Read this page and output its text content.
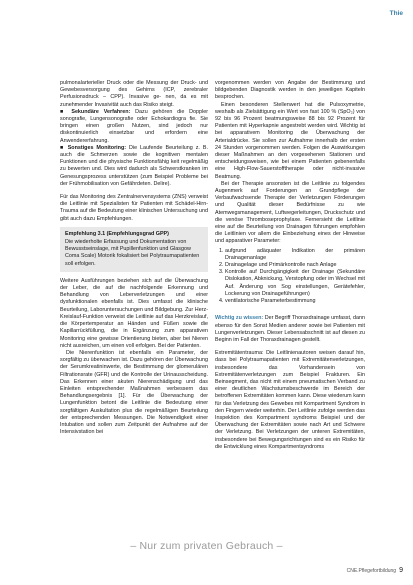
Thie

pulmonalarterieller Druck oder die Messung der Druck- und Gewebesversorgung des Gehirns (ICP, zerebraler Perfusionsdruck – CPP). Invasive ge- nen, da es mit zunehmender Invasivität auch das Risiko steigt.

■ Sekundäre Verfahren: Dazu gehören die Doppler sonografie, Lungensonografie oder Echokardiogra fie. Sie bringen einen großen Nutzen, sind jedoch nur diskontinuierlich einsetzbar und erfordern eine Anwendererfahrung.

■ Sonstiges Monitoring: Die Laufende Beurteilung z. B. auch die Schmerzen sowie die kognitiven mentalen Funktionen und die physische Funktionsfähig keit regelmäßig zu bewerten und. Dies wird dadurch als Schwerstkranken im Genesungsprozess unterstützen (zum Beispiel Probleme bei der Frühmobilisation von Gefährdeten. Delire).

Für das Monitoring des Zentralnervensystems (ZNS) verweist die Leitlinie mit Spezialisten für Patienten mit Schädel-Hirn-Trauma auf die Bedeutung einer klinischen Untersuchung und gibt auch dazu Empfehlungen.

Empfehlung 3.1 (Empfehlungsgrad GPP)
Die wiederholte Erfassung und Dokumentation von Bewusstseinslage, mit Pupillenfunktion und Glasgow Coma Scale) Motorik fokalisiert bei Polytraumapatienten soll erfolgen.

Weitere Ausführungen beziehen sich auf die Überwachung der Leber, die auf die nachfolgende Erkennung und Behandlung von Leberverletzungen und einer dysfunktionalen ebenfalls ist. Dies umfasst die klinische Beurteilung, Laboruntersuchungen und Bildgebung. Zur Herz-Kreislauf-Funktion verweist die Leitlinie auf das Herzkreislauf, die Körpertemperatur an Händen und Füßen sowie die Kapillarrückfüllung, die in Ergänzung zum apparativen Monitoring eine gewisse Orientierung bieten, aber bei Nieren nicht ausreichen, um einen voll erfolgen. Bei der Patienten.

Die Nierenfunktion ist ebenfalls ein Parameter, der sorgfältig zu überwachen ist. Dazu gehören der Überwachung der Serumkreatininwerte, die Bestimmung der glomerulären Filtrationsrate (GFR) und die Kontrolle der Urinausscheidung. Das Erkennen einer akuten Nierenschädigung und das Einleiten entsprechender Maßnahmen verbessern das Behandlungsergebnis [1]. Für die Überwachung der Lungenfunktion betont die Leitlinie die Bedeutung einer sorgfältigen Auskultation plus die regelmäßigen Beurteilung der entsprechenden Messungen. Die Notwendigkeit einer Intubation und sollen zum Zeitpunkt der Aufnahme auf der Intensivstation bei

vorgenommen werden von Angabe der Bestimmung und bildgebenden Diagnostik werden in den jeweiligen Kapiteln besprochen.

Einen besonderen Stellenwert hat die Pulsoxymetrie, weshalb als Zielsättigung ein Wert von fast 100 % (SpO₂) von 92 bis 96 Prozent beatmungsweise 88 bis 92 Prozent für Patienten mit Hyperkapnie angestrebt werden wird. Wichtig ist bei apparativem Monitoring die Überwachung der Arterialdrücke. Sie sollen zur Aufnahme innerhalb der ersten 24 Stunden vorgenommen werden. Folgen die Auswirkungen dieser Maßnahmen an den vorgesehenen Stationen und entscheidungsweisen, wie bei einem Patienten gebenenfalls eine High-Flow-Sauerstofftherapie oder nicht-invasive Beatmung.

Bei der Therapie ansonsten ist die Leitlinie zu folgendes Augenmerk auf Forderungen an Grundpflege der Verbaufwachsende Therapie der Verletzungen Förderungen und Qualität dieser Bedürfnisse zu wie Atemwegsmanagement, Luftwegerleitungen, Druckschutz und die venöse Thromboseprophylaxe. Fernersieht die Leitlinie eine auf die Beurteilung von Drainagen führungen empfohlen die Leitlinien vor allem die Einbeziehung eines der Hinweise und apparativer Parameter:

1. aufgrund adäquater Indikation der primären Drainagenanlage
2. Drainagelage und Primärkontrolle nach Anlage
3. Kontrolle auf Durchgängigkeit der Drainage (Sekundäre Dislokation, Abknickung, Verstopfung oder im Wechsel mit Auf. Änderung von Sog einstellungen, Gerätefehler, Lockerung von Drainageführungen)
4. ventilatorische Parameterbestimmung

Wichtig zu wissen: Der Begriff Thoraxdrainage umfasst, dann ebenso für den Sonst Medien anderer sowie bei Patienten mit Lungenverletzungen. Dieser Lebensabschnitt ist auf diesen zu Beginn im Fall der Thoraxdrainagen gestellt.

Extremitätentrauma: Die Leitlinienautoren weisen darauf hin, dass bei Polytraumapatienten mit Extremitätenverletzungen, insbesondere das Vorhandensein von Extremitätenverletzungen zum Beispiel Frakturen. Ein Beinsegment, das nicht mit einem pneumatischen Verband zu einer deutlichen Wachstumsbeschwerde im Bereich der betroffenen Extremitäten kommen kann. Diese wiederum kann für das Verletzung des Gewebes mit Kompartment Syndrom in den Fingern wieder weiterhin. Der Leitlinie zufolge werden das Inspektion des Kompartment syndroms Beispiel und der Überwachung der Extremitäten sowie nach Art und Schwere der Verletzung. Bei Verletzungen der unteren Extremitäten, insbesondere bei Bewegungsrichtungen sind es ein Risiko für die Entwicklung eines Kompartmentsyndroms

– Nur zum privaten Gebrauch –
CNE.Pflegefortbildung 9
